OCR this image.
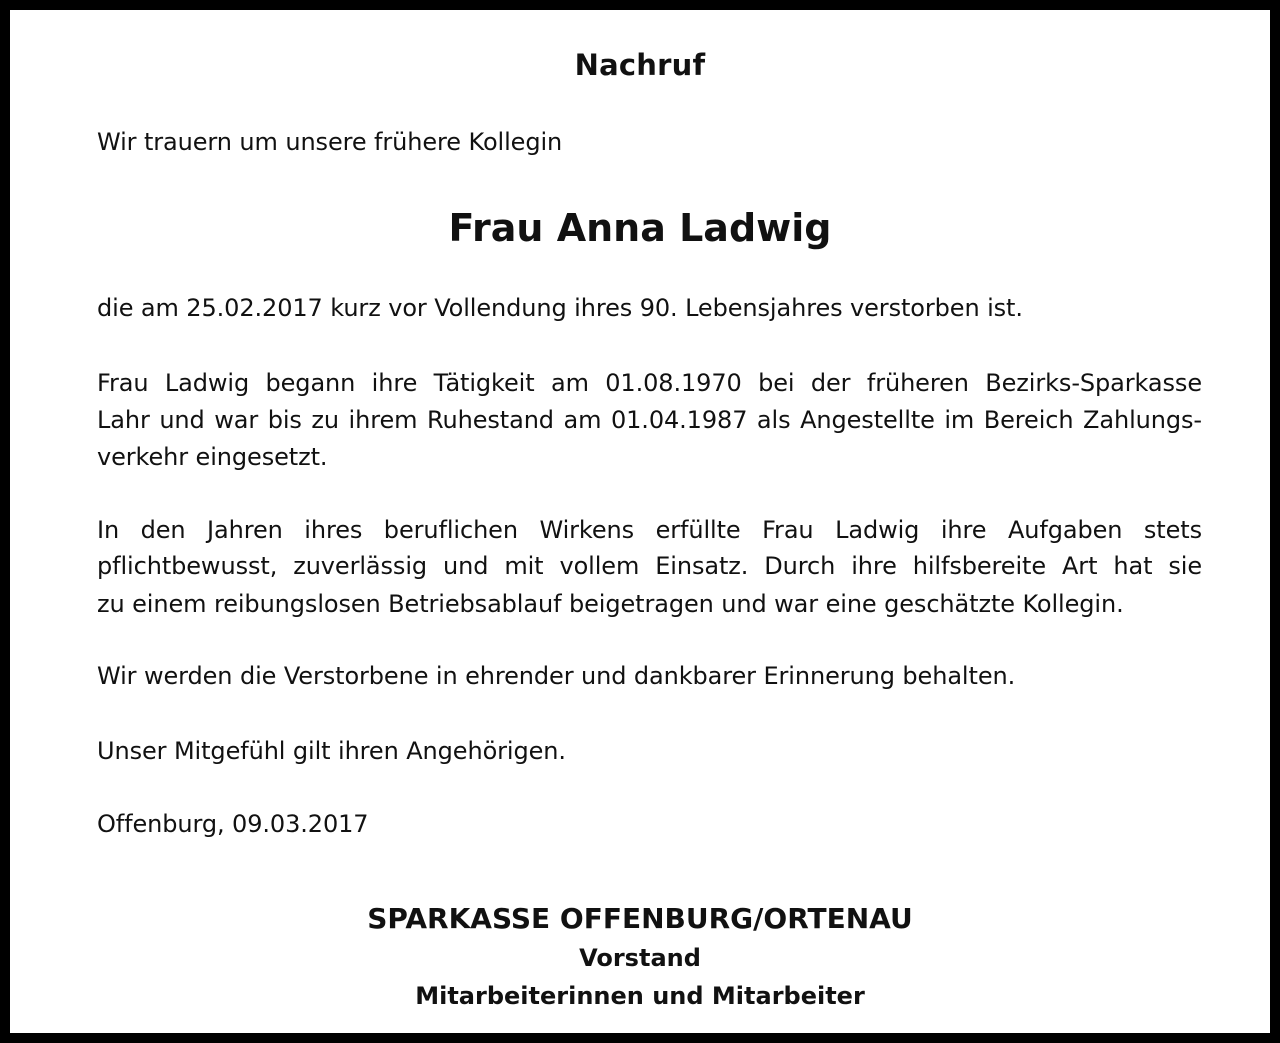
Nachruf

Wir trauern um unsere frühere Kollegin

Frau Anna Ladwig

die am 25.02.2017 kurz vor Vollendung ihres 90. Lebensjahres verstorben ist.

Frau Ladwig begann ihre Tätigkeit am 01.08.1970 bei der früheren Bezirks-Sparkasse

Lahr und war bis zu ihrem Ruhestand am 01.04.1987 als Angestellte im Bereich Zahlungs-

verkehr eingesetzt.

In den Jahren ihres beruflichen Wirkens erfüllte Frau Ladwig ihre Aufgaben stets

pflichtbewusst, zuverlässig und mit vollem Einsatz. Durch ihre hilfsbereite Art hat sie

zu einem reibungslosen Betriebsablauf beigetragen und war eine geschätzte Kollegin.

Wir werden die Verstorbene in ehrender und dankbarer Erinnerung behalten.

Unser Mitgefühl gilt ihren Angehörigen.

Offenburg, 09.03.2017

SPARKASSE OFFENBURG/ORTENAU

Vorstand

Mitarbeiterinnen und Mitarbeiter
